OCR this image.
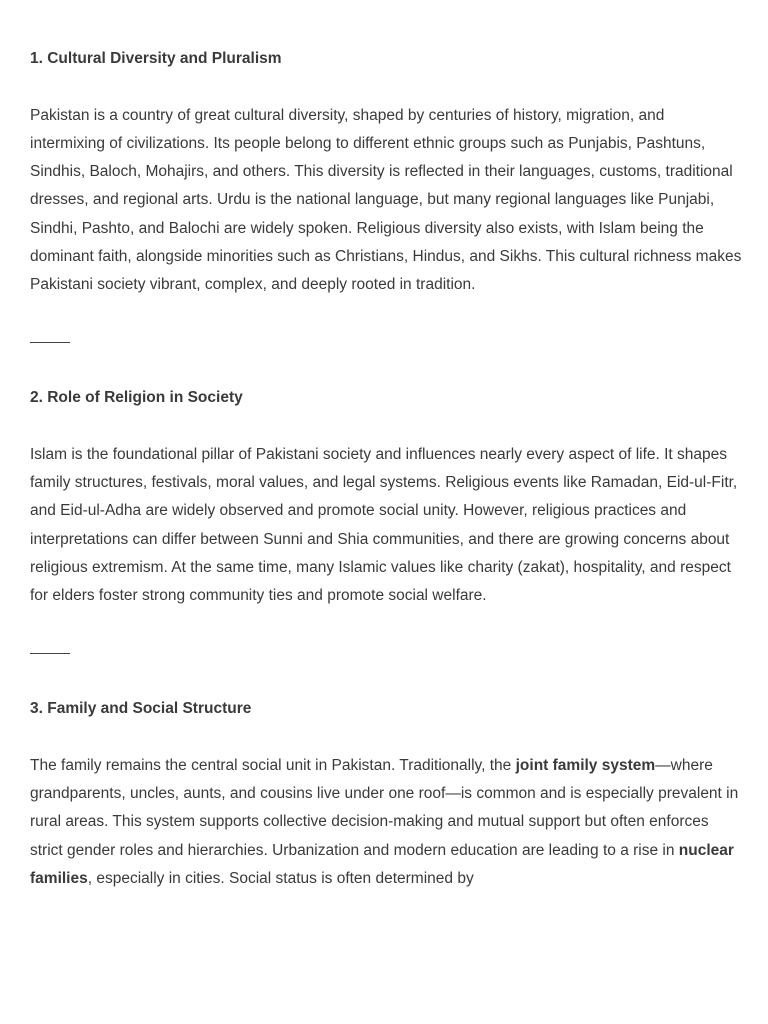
1. Cultural Diversity and Pluralism

Pakistan is a country of great cultural diversity, shaped by centuries of history, migration, and intermixing of civilizations. Its people belong to different ethnic groups such as Punjabis, Pashtuns, Sindhis, Baloch, Mohajirs, and others. This diversity is reflected in their languages, customs, traditional dresses, and regional arts. Urdu is the national language, but many regional languages like Punjabi, Sindhi, Pashto, and Balochi are widely spoken. Religious diversity also exists, with Islam being the dominant faith, alongside minorities such as Christians, Hindus, and Sikhs. This cultural richness makes Pakistani society vibrant, complex, and deeply rooted in tradition.

2. Role of Religion in Society

Islam is the foundational pillar of Pakistani society and influences nearly every aspect of life. It shapes family structures, festivals, moral values, and legal systems. Religious events like Ramadan, Eid-ul-Fitr, and Eid-ul-Adha are widely observed and promote social unity. However, religious practices and interpretations can differ between Sunni and Shia communities, and there are growing concerns about religious extremism. At the same time, many Islamic values like charity (zakat), hospitality, and respect for elders foster strong community ties and promote social welfare.

3. Family and Social Structure

The family remains the central social unit in Pakistan. Traditionally, the joint family system—where grandparents, uncles, aunts, and cousins live under one roof—is common and is especially prevalent in rural areas. This system supports collective decision-making and mutual support but often enforces strict gender roles and hierarchies. Urbanization and modern education are leading to a rise in nuclear families, especially in cities. Social status is often determined by
